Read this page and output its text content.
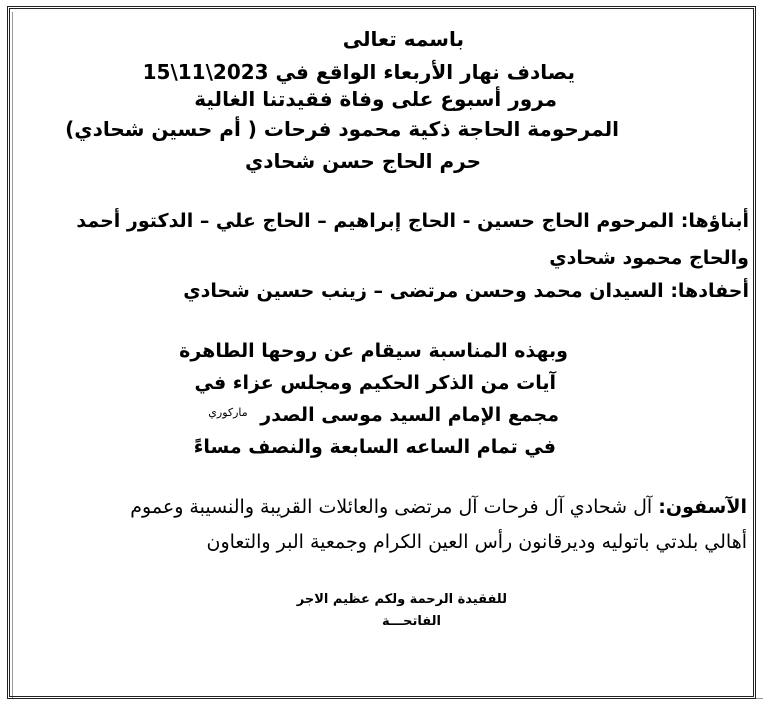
باسمه تعالى
يصادف نهار الأربعاء الواقع في 2023\11\15
مرور أسبوع على وفاة فقيدتنا الغالية
المرحومة الحاجة ذكية محمود فرحات ( أم حسين شحادي)
حرم الحاج حسن شحادي
أبناؤها: المرحوم الحاج حسين - الحاج إبراهيم – الحاج علي – الدكتور أحمد
والحاج محمود شحادي
أحفادها: السيدان محمد وحسن مرتضى – زينب حسين شحادي
وبهذه المناسبة سيقام عن روحها الطاهرة
آيات من الذكر الحكيم ومجلس عزاء في
مجمع الإمام السيد موسى الصدر $^{ماركوري}$
في تمام الساعه السابعة والنصف مساءً
الآسفون: آل شحادي آل فرحات آل مرتضى والعائلات القريبة والنسيبة وعموم
أهالي بلدتي باتوليه وديرقانون رأس العين الكرام وجمعية البر والتعاون
للفقيدة الرحمة ولكم عظيم الاجر
الفاتحـــة
